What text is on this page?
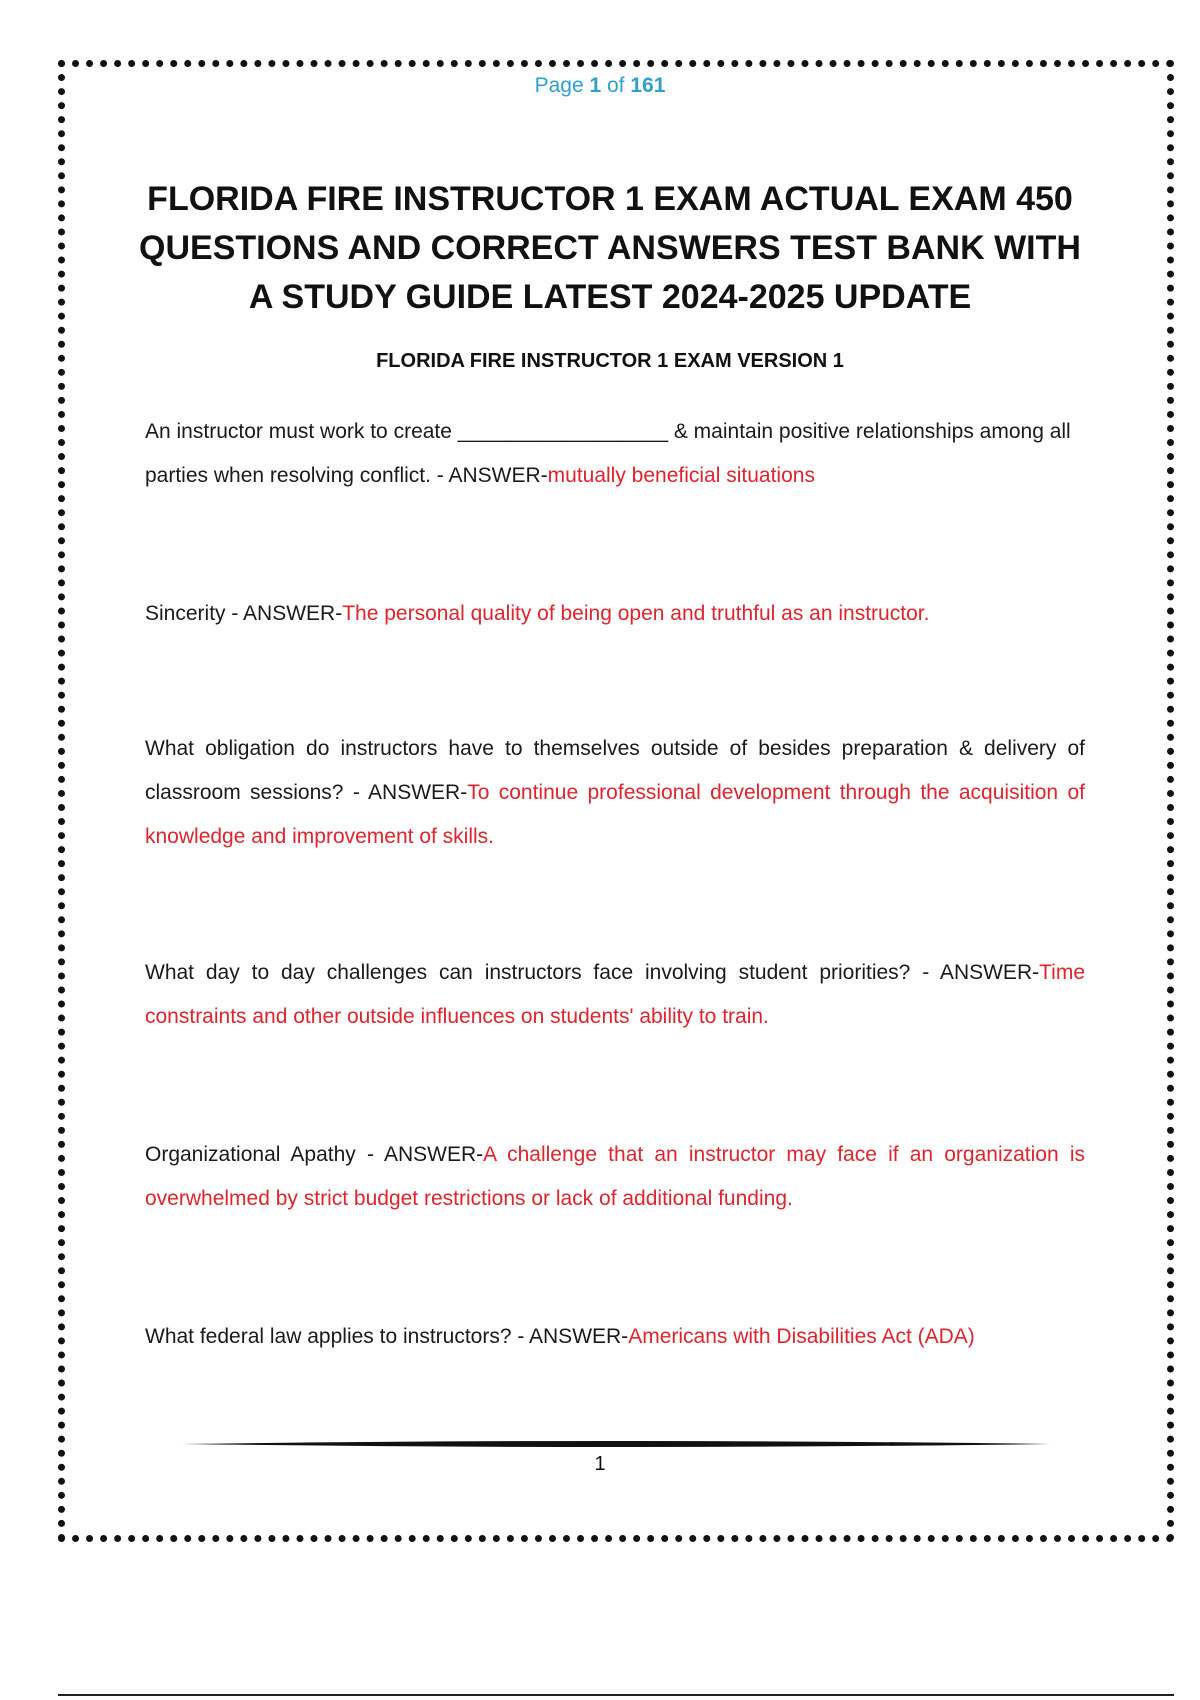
Page 1 of 161
FLORIDA FIRE INSTRUCTOR 1 EXAM ACTUAL EXAM 450 QUESTIONS AND CORRECT ANSWERS TEST BANK WITH A STUDY GUIDE LATEST 2024-2025 UPDATE
FLORIDA FIRE INSTRUCTOR 1 EXAM VERSION 1

An instructor must work to create __________________ & maintain positive relationships among all parties when resolving conflict. - ANSWER-mutually beneficial situations

Sincerity - ANSWER-The personal quality of being open and truthful as an instructor.

What obligation do instructors have to themselves outside of besides preparation & delivery of classroom sessions? - ANSWER-To continue professional development through the acquisition of knowledge and improvement of skills.

What day to day challenges can instructors face involving student priorities? - ANSWER-Time constraints and other outside influences on students' ability to train.

Organizational Apathy - ANSWER-A challenge that an instructor may face if an organization is overwhelmed by strict budget restrictions or lack of additional funding.

What federal law applies to instructors? - ANSWER-Americans with Disabilities Act (ADA)

1
